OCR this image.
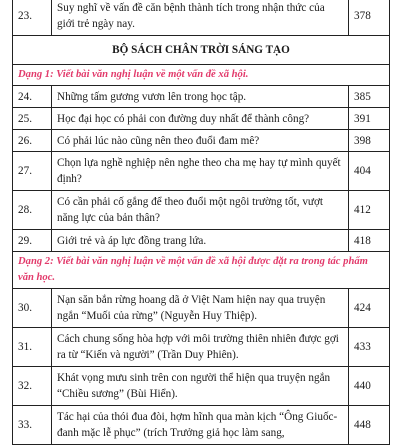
23.	Suy nghĩ về vấn đề căn bệnh thành tích trong nhận thức của giới trẻ ngày nay.	378
BỘ SÁCH CHÂN TRỜI SÁNG TẠO		
Dạng 1: Viết bài văn nghị luận về một vấn đề xã hội.		
24.	Những tấm gương vươn lên trong học tập.	385
25.	Học đại học có phải con đường duy nhất để thành công?	391
26.	Có phải lúc nào cũng nên theo đuổi đam mê?	398
27.	Chọn lựa nghề nghiệp nên nghe theo cha mẹ hay tự mình quyết định?	404
28.	Có cần phải cố gắng để theo đuổi một ngôi trường tốt, vượt năng lực của bản thân?	412
29.	Giới trẻ và áp lực đồng trang lứa.	418
Dạng 2: Viết bài văn nghị luận về một vấn đề xã hội được đặt ra trong tác phẩm văn học.		
30.	Nạn săn bắn rừng hoang dã ở Việt Nam hiện nay qua truyện ngắn “Muối của rừng” (Nguyễn Huy Thiệp).	424
31.	Cách chung sống hòa hợp với môi trường thiên nhiên được gợi ra từ “Kiến và người” (Trần Duy Phiên).	433
32.	Khát vọng mưu sinh trên con người thể hiện qua truyện ngắn “Chiều sương” (Bùi Hiển).	440
33.	Tác hại của thói đua đòi, hợm hĩnh qua màn kịch “Ông Giuốc-đanh mặc lễ phục” (trích Trưởng giả học làm sang,	448
